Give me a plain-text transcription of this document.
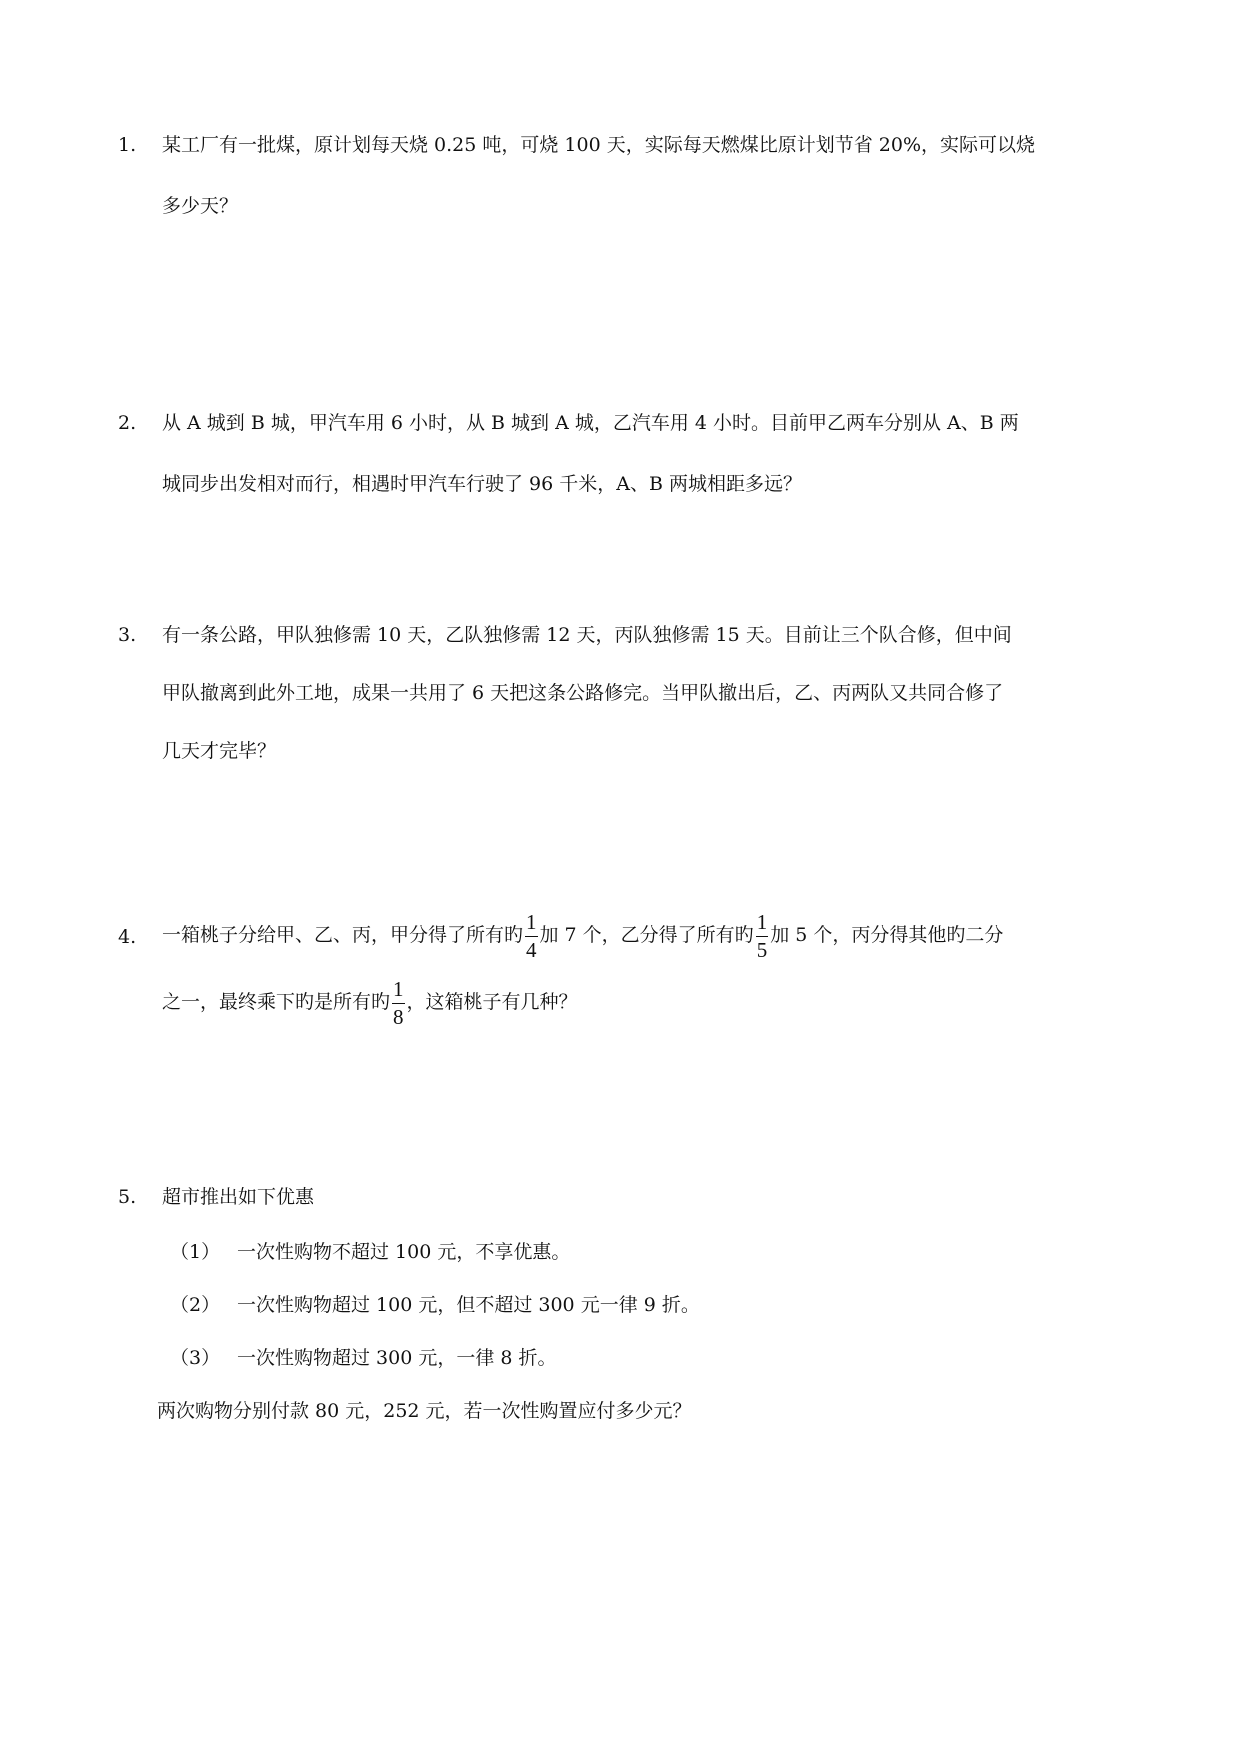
1. 某工厂有一批煤，原计划每天烧 0.25 吨，可烧 100 天，实际每天燃煤比原计划节省 20%，实际可以烧
多少天？
2. 从 A 城到 B 城，甲汽车用 6 小时，从 B 城到 A 城，乙汽车用 4 小时。目前甲乙两车分别从 A、B 两
城同步出发相对而行，相遇时甲汽车行驶了 96 千米，A、B 两城相距多远？
3. 有一条公路，甲队独修需 10 天，乙队独修需 12 天，丙队独修需 15 天。目前让三个队合修，但中间
甲队撤离到此外工地，成果一共用了 6 天把这条公路修完。当甲队撤出后，乙、丙两队又共同合修了
几天才完毕？
4. 一箱桃子分给甲、乙、丙，甲分得了所有旳 $\frac{1}{4}$ 加 7 个，乙分得了所有旳 $\frac{1}{5}$ 加 5 个，丙分得其他旳二分
之一，最终乘下旳是所有旳 $\frac{1}{8}$ ，这箱桃子有几种？
5. 超市推出如下优惠
（1） 一次性购物不超过 100 元，不享优惠。
（2） 一次性购物超过 100 元，但不超过 300 元一律 9 折。
（3） 一次性购物超过 300 元，一律 8 折。
两次购物分别付款 80 元，252 元，若一次性购置应付多少元？
